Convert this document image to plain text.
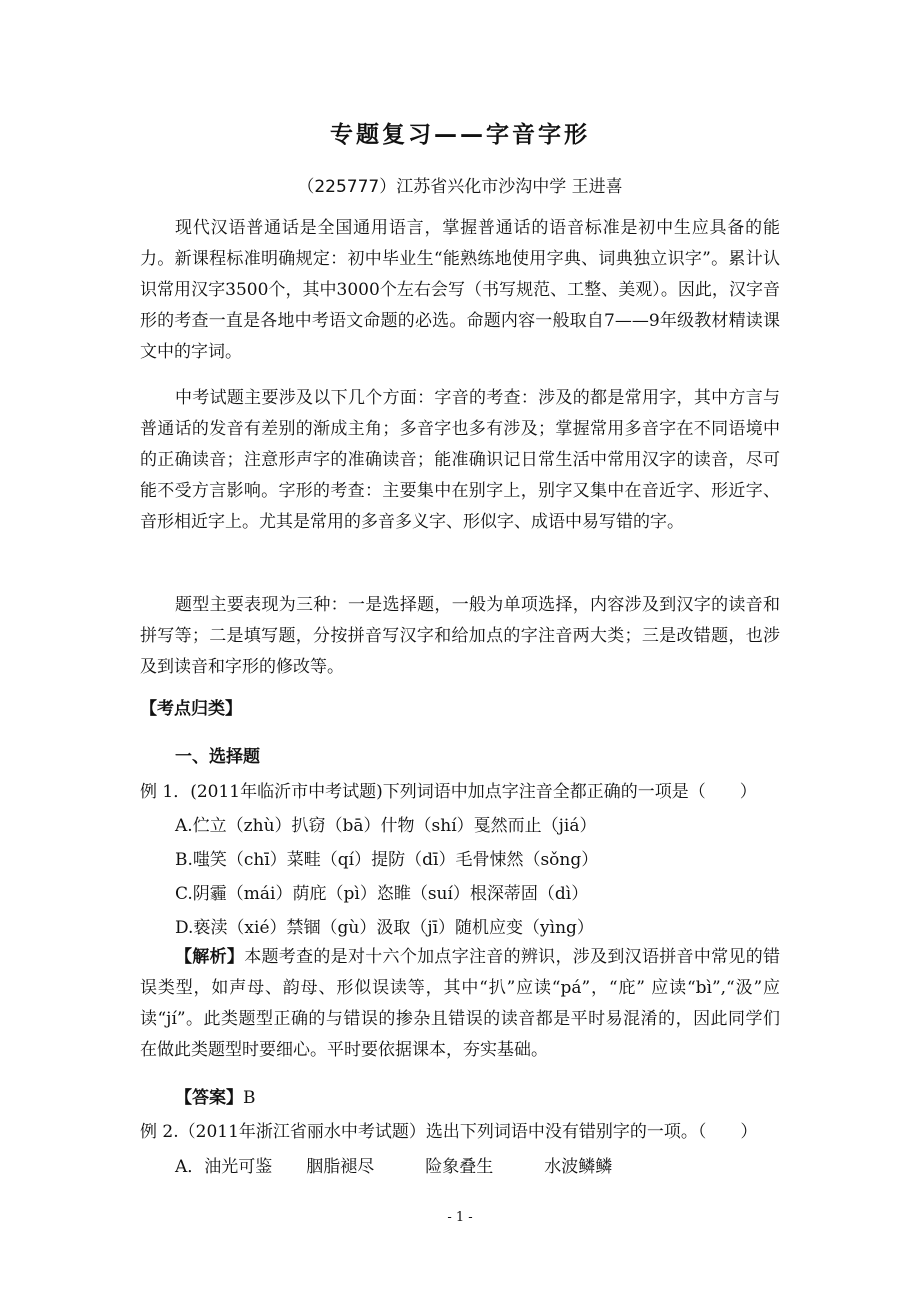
专题复习——字音字形
（225777）江苏省兴化市沙沟中学 王进喜

现代汉语普通话是全国通用语言，掌握普通话的语音标准是初中生应具备的能力。新课程标准明确规定：初中毕业生“能熟练地使用字典、词典独立识字”。累计认识常用汉字3500个，其中3000个左右会写（书写规范、工整、美观）。因此，汉字音形的考查一直是各地中考语文命题的必选。命题内容一般取自7——9年级教材精读课文中的字词。

中考试题主要涉及以下几个方面：字音的考查：涉及的都是常用字，其中方言与普通话的发音有差别的渐成主角；多音字也多有涉及；掌握常用多音字在不同语境中的正确读音；注意形声字的准确读音；能准确识记日常生活中常用汉字的读音，尽可能不受方言影响。字形的考查：主要集中在别字上，别字又集中在音近字、形近字、音形相近字上。尤其是常用的多音多义字、形似字、成语中易写错的字。

题型主要表现为三种：一是选择题，一般为单项选择，内容涉及到汉字的读音和拼写等；二是填写题，分按拼音写汉字和给加点的字注音两大类；三是改错题，也涉及到读音和字形的修改等。

【考点归类】
一、选择题
例 1．(2011年临沂市中考试题)下列词语中加点字注音全都正确的一项是（　　）
A.伫立（zhù）扒窃（bā）什物（shí）戛然而止（jiá）
B.嗤笑（chī）菜畦（qí）提防（dī）毛骨悚然（sǒng）
C.阴霾（mái）荫庇（pì）恣睢（suí）根深蒂固（dì）
D.亵渎（xié）禁锢（gù）汲取（jī）随机应变（yìng）

【解析】本题考查的是对十六个加点字注音的辨识，涉及到汉语拼音中常见的错误类型，如声母、韵母、形似误读等，其中“扒”应读“pá”，“庇” 应读“bì”,“汲”应读“jí”。此类题型正确的与错误的掺杂且错误的读音都是平时易混淆的，因此同学们在做此类题型时要细心。平时要依据课本，夯实基础。

【答案】B
例 2.（2011年浙江省丽水中考试题）选出下列词语中没有错别字的一项。（　　）
A．油光可鉴　　胭脂褪尽　　　险象叠生　　　水波鳞鳞
- 1 -
